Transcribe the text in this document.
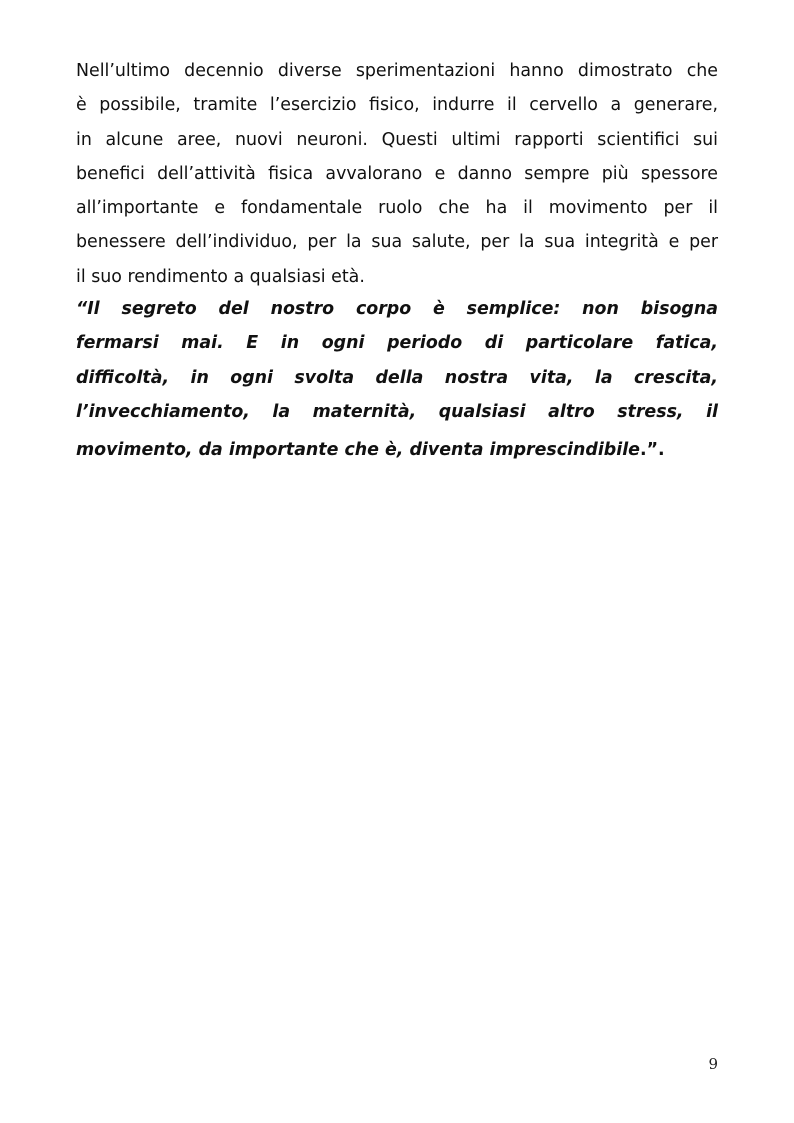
Nell’ultimo decennio diverse sperimentazioni hanno dimostrato che
è possibile, tramite l’esercizio fisico, indurre il cervello a generare,
in alcune aree, nuovi neuroni. Questi ultimi rapporti scientifici sui
benefici dell’attività fisica avvalorano e danno sempre più spessore
all’importante e fondamentale ruolo che ha il movimento per il
benessere dell’individuo, per la sua salute, per la sua integrità e per
il suo rendimento a qualsiasi età.

“Il segreto del nostro corpo è semplice: non bisogna
fermarsi mai. E in ogni periodo di particolare fatica,
difficoltà, in ogni svolta della nostra vita, la crescita,
l’invecchiamento, la maternità, qualsiasi altro stress, il
movimento, da importante che è, diventa imprescindibile.”.

9
